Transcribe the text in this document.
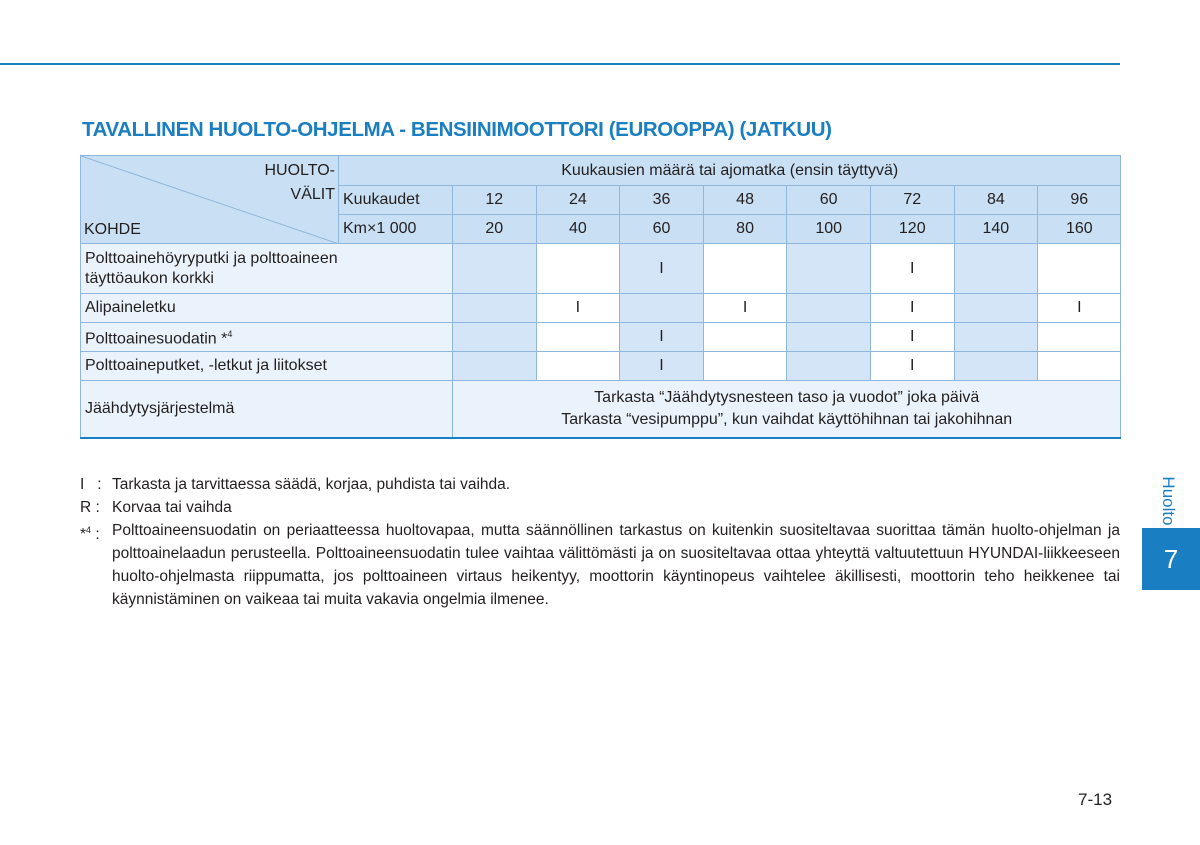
TAVALLINEN HUOLTO-OHJELMA - BENSIINIMOOTTORI (EUROOPPA) (JATKUU)
HUOLTO-
VÄLIT
KOHDE	Kuukausien määrä tai ajomatka (ensin täyttyvä)								
	Kuukaudet	12	24	36	48	60	72	84	96
	Km×1 000	20	40	60	80	100	120	140	160

Polttoainehöyryputki ja polttoaineen
täyttöaukon korkki				I			I		
Alipaineletku			I		I		I		I
Polttoainesuodatin *$^4$				I			I		
Polttoaineputket, -letkut ja liitokset				I			I		
Jäähdytysjärjestelmä		Tarkasta “Jäähdytysnesteen taso ja vuodot” joka päivä
Tarkasta “vesipumppu”, kun vaihdat käyttöhihnan tai jakohihnan							
I   : Tarkasta ja tarvittaessa säädä, korjaa, puhdista tai vaihda.
R : Korvaa tai vaihda
*$^4$ : Polttoaineensuodatin on periaatteessa huoltovapaa, mutta säännöllinen tarkastus on kuitenkin suositeltavaa suorittaa tämän huolto-ohjelman ja polttoainelaadun perusteella. Polttoaineensuodatin tulee vaihtaa välittömästi ja on suositeltavaa ottaa yhteyttä valtuutettuun HYUNDAI-liikkeeseen huolto-ohjelmasta riippumatta, jos polttoaineen virtaus heikentyy, moottorin käyntinopeus vaihtelee äkillisesti, moottorin teho heikkenee tai käynnistäminen on vaikeaa tai muita vakavia ongelmia ilmenee.
Huolto
7
7-13
